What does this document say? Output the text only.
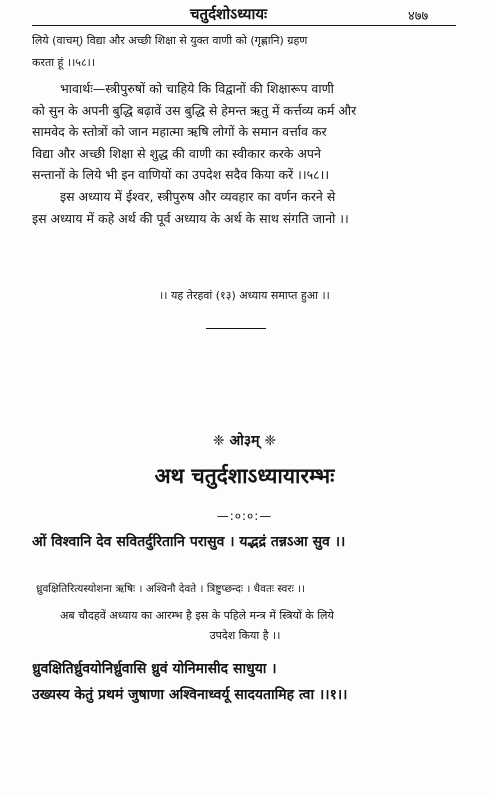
चतुर्दशोऽध्यायः	४७७
लिये (वाचम्) विद्या और अच्छी शिक्षा से युक्त वाणी को (गृह्णानि) ग्रहण
करता हूं ।।५८।।
भावार्थः—स्त्रीपुरुषों को चाहिये कि विद्वानों की शिक्षारूप वाणी
को सुन के अपनी बुद्धि बढ़ावें उस बुद्धि से हेमन्त ऋतु में कर्त्तव्य कर्म और
सामवेद के स्तोत्रों को जान महात्मा ऋषि लोगों के समान वर्त्ताव कर
विद्या और अच्छी शिक्षा से शुद्ध की वाणी का स्वीकार करके अपने
सन्तानों के लिये भी इन वाणियों का उपदेश सदैव किया करें ।।५८।।
इस अध्याय में ईश्वर, स्त्रीपुरुष और व्यवहार का वर्णन करने से
इस अध्याय में कहे अर्थ की पूर्व अध्याय के अर्थ के साथ संगति जानो ।।
।। यह तेरहवां (१३) अध्याय समाप्त हुआ ।।
❈ ओ३म् ❈
अथ चतुर्दशाऽध्यायारम्भः
—:०:०:—
ओं विश्वानि देव सवितर्दुरितानि परासुव । यद्भद्रं तन्नऽआ सुव ।।
ध्रुवक्षितिरित्यस्योशना ऋषिः । अश्विनौ देवते । त्रिष्टुप्छन्दः । धैवतः स्वरः ।।
अब चौदहवें अध्याय का आरम्भ है इस के पहिले मन्त्र में स्त्रियों के लिये
उपदेश किया है ।।
ध्रुवक्षितिर्ध्रुवयोनिर्ध्रुवासि ध्रुवं योनिमासीद साधुया ।
उख्यस्य केतुं प्रथमं जुषाणा अश्विनाध्वर्यू सादयतामिह त्वा ।।१।।
